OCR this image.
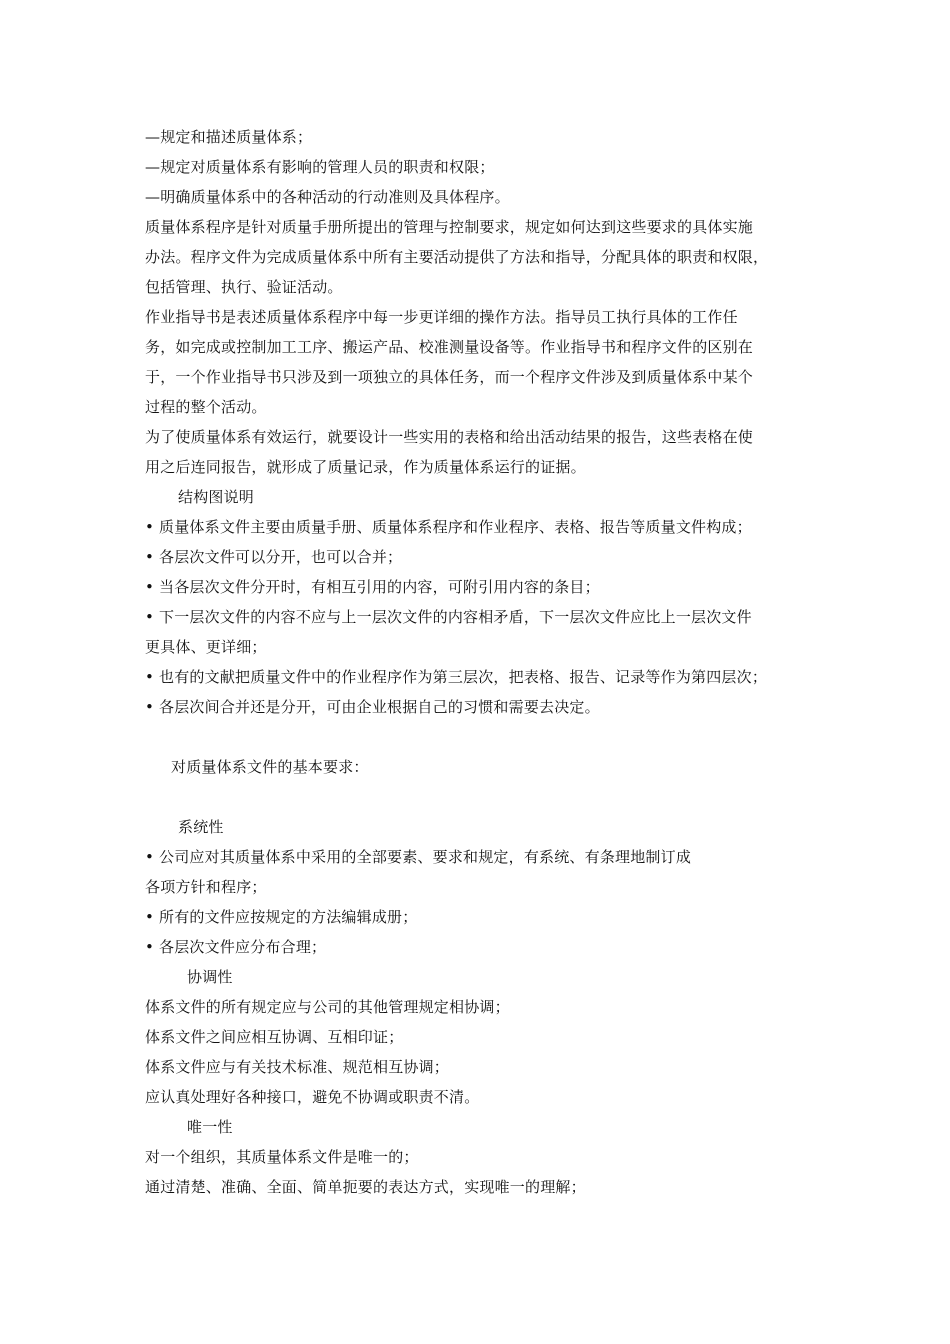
—规定和描述质量体系；
—规定对质量体系有影响的管理人员的职责和权限；
—明确质量体系中的各种活动的行动准则及具体程序。
质量体系程序是针对质量手册所提出的管理与控制要求，规定如何达到这些要求的具体实施
办法。程序文件为完成质量体系中所有主要活动提供了方法和指导，分配具体的职责和权限，
包括管理、执行、验证活动。
作业指导书是表述质量体系程序中每一步更详细的操作方法。指导员工执行具体的工作任
务，如完成或控制加工工序、搬运产品、校准测量设备等。作业指导书和程序文件的区别在
于，一个作业指导书只涉及到一项独立的具体任务，而一个程序文件涉及到质量体系中某个
过程的整个活动。
为了使质量体系有效运行，就要设计一些实用的表格和给出活动结果的报告，这些表格在使
用之后连同报告，就形成了质量记录，作为质量体系运行的证据。
结构图说明
• 质量体系文件主要由质量手册、质量体系程序和作业程序、表格、报告等质量文件构成；
• 各层次文件可以分开，也可以合并；
• 当各层次文件分开时，有相互引用的内容，可附引用内容的条目；
• 下一层次文件的内容不应与上一层次文件的内容相矛盾，下一层次文件应比上一层次文件
更具体、更详细；
• 也有的文献把质量文件中的作业程序作为第三层次，把表格、报告、记录等作为第四层次；
• 各层次间合并还是分开，可由企业根据自己的习惯和需要去决定。
对质量体系文件的基本要求：
系统性
• 公司应对其质量体系中采用的全部要素、要求和规定，有系统、有条理地制订成
各项方针和程序；
• 所有的文件应按规定的方法编辑成册；
• 各层次文件应分布合理；
协调性
体系文件的所有规定应与公司的其他管理规定相协调；
体系文件之间应相互协调、互相印证；
体系文件应与有关技术标准、规范相互协调；
应认真处理好各种接口，避免不协调或职责不清。
唯一性
对一个组织，其质量体系文件是唯一的；
通过清楚、准确、全面、简单扼要的表达方式，实现唯一的理解；
